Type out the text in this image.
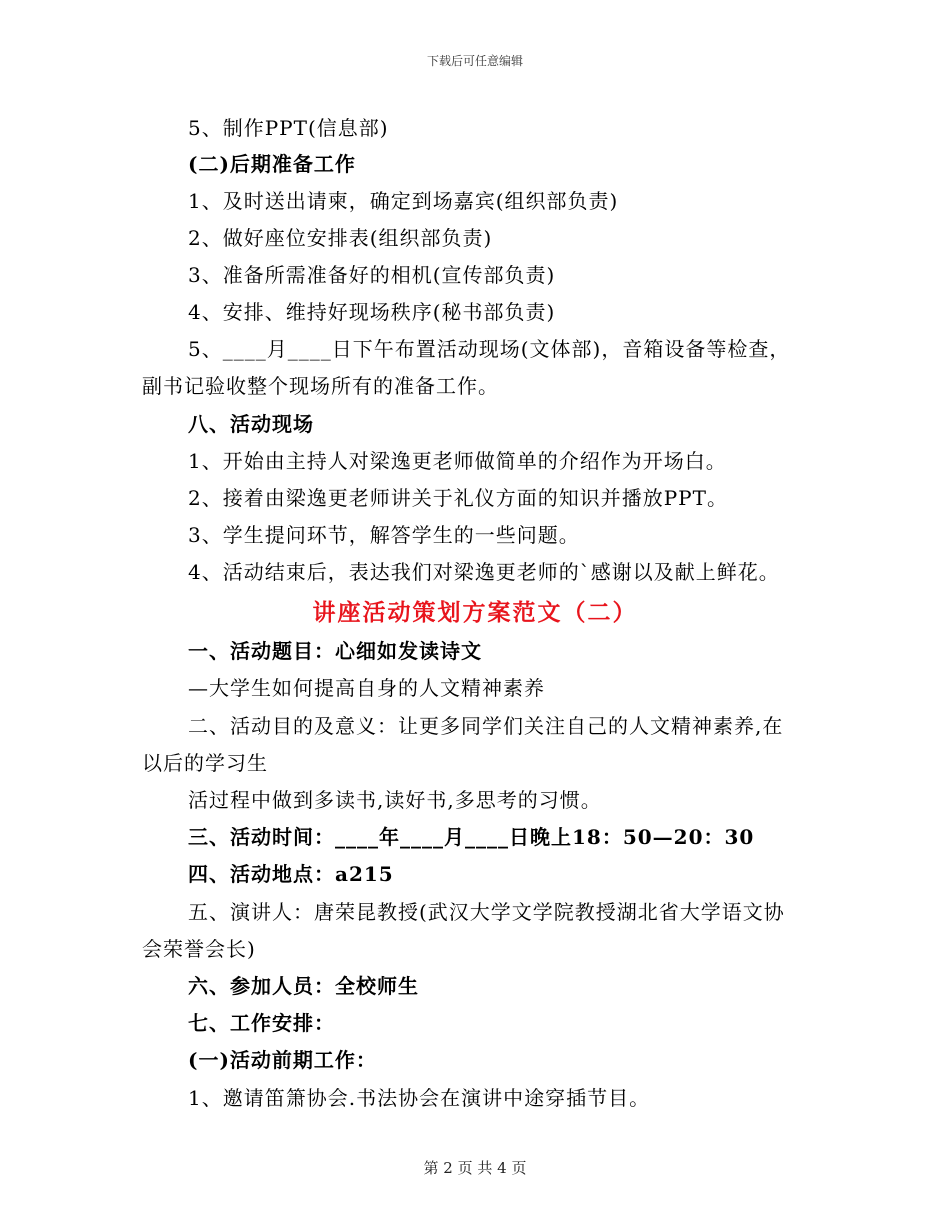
下载后可任意编辑
5、制作PPT(信息部)
(二)后期准备工作
1、及时送出请柬，确定到场嘉宾(组织部负责)
2、做好座位安排表(组织部负责)
3、准备所需准备好的相机(宣传部负责)
4、安排、维持好现场秩序(秘书部负责)
5、____月____日下午布置活动现场(文体部)，音箱设备等检查，
副书记验收整个现场所有的准备工作。
八、活动现场
1、开始由主持人对梁逸更老师做简单的介绍作为开场白。
2、接着由梁逸更老师讲关于礼仪方面的知识并播放PPT。
3、学生提问环节，解答学生的一些问题。
4、活动结束后，表达我们对梁逸更老师的`感谢以及献上鲜花。
讲座活动策划方案范文（二）
一、活动题目：心细如发读诗文
—大学生如何提高自身的人文精神素养
二、活动目的及意义：让更多同学们关注自己的人文精神素养,在
以后的学习生
活过程中做到多读书,读好书,多思考的习惯。
三、活动时间：____年____月____日晚上18：50—20：30
四、活动地点：a215
五、演讲人：唐荣昆教授(武汉大学文学院教授湖北省大学语文协
会荣誉会长)
六、参加人员：全校师生
七、工作安排：
(一)活动前期工作：
1、邀请笛箫协会.书法协会在演讲中途穿插节目。
第 2 页 共 4 页
